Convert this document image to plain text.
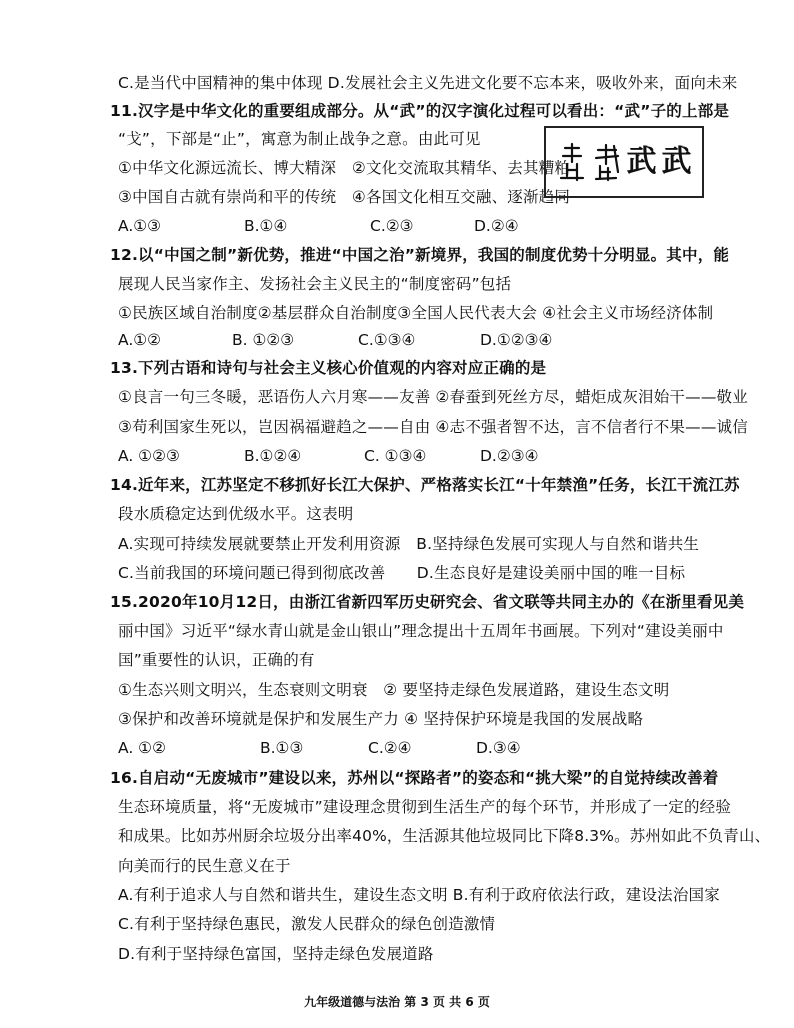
C.是当代中国精神的集中体现 D.发展社会主义先进文化要不忘本来，吸收外来，面向未来
11.汉字是中华文化的重要组成部分。从“武”的汉字演化过程可以看出：“武”子的上部是
“戈”，下部是“止”，寓意为制止战争之意。由此可见
①中华文化源远流长、博大精深　②文化交流取其精华、去其糟粕
③中国自古就有崇尚和平的传统　④各国文化相互交融、逐渐趋同
武 武
A.①③	B.①④	C.②③	D.②④
12.以“中国之制”新优势，推进“中国之治”新境界，我国的制度优势十分明显。其中，能
展现人民当家作主、发扬社会主义民主的“制度密码”包括
①民族区域自治制度②基层群众自治制度③全国人民代表大会 ④社会主义市场经济体制
A.①②	B. ①②③	C.①③④	D.①②③④
13.下列古语和诗句与社会主义核心价值观的内容对应正确的是
①良言一句三冬暖，恶语伤人六月寒——友善 ②春蚕到死丝方尽，蜡炬成灰泪始干——敬业
③苟利国家生死以，岂因祸福避趋之——自由 ④志不强者智不达，言不信者行不果——诚信
A. ①②③	B.①②④	C. ①③④	D.②③④
14.近年来，江苏坚定不移抓好长江大保护、严格落实长江“十年禁渔”任务，长江干流江苏
段水质稳定达到优级水平。这表明
A.实现可持续发展就要禁止开发利用资源　B.坚持绿色发展可实现人与自然和谐共生
C.当前我国的环境问题已得到彻底改善　　D.生态良好是建设美丽中国的唯一目标
15.2020年10月12日，由浙江省新四军历史研究会、省文联等共同主办的《在浙里看见美
丽中国》习近平“绿水青山就是金山银山”理念提出十五周年书画展。下列对“建设美丽中
国”重要性的认识，正确的有
①生态兴则文明兴，生态衰则文明衰　② 要坚持走绿色发展道路，建设生态文明
③保护和改善环境就是保护和发展生产力 ④ 坚持保护环境是我国的发展战略
A. ①②	B.①③	C.②④	D.③④
16.自启动“无废城市”建设以来，苏州以“探路者”的姿态和“挑大梁”的自觉持续改善着
生态环境质量，将“无废城市”建设理念贯彻到生活生产的每个环节，并形成了一定的经验
和成果。比如苏州厨余垃圾分出率40%，生活源其他垃圾同比下降8.3%。苏州如此不负青山、
向美而行的民生意义在于
A.有利于追求人与自然和谐共生，建设生态文明 B.有利于政府依法行政，建设法治国家
C.有利于坚持绿色惠民，激发人民群众的绿色创造激情
D.有利于坚持绿色富国，坚持走绿色发展道路
九年级道德与法治 第 3 页 共 6 页
